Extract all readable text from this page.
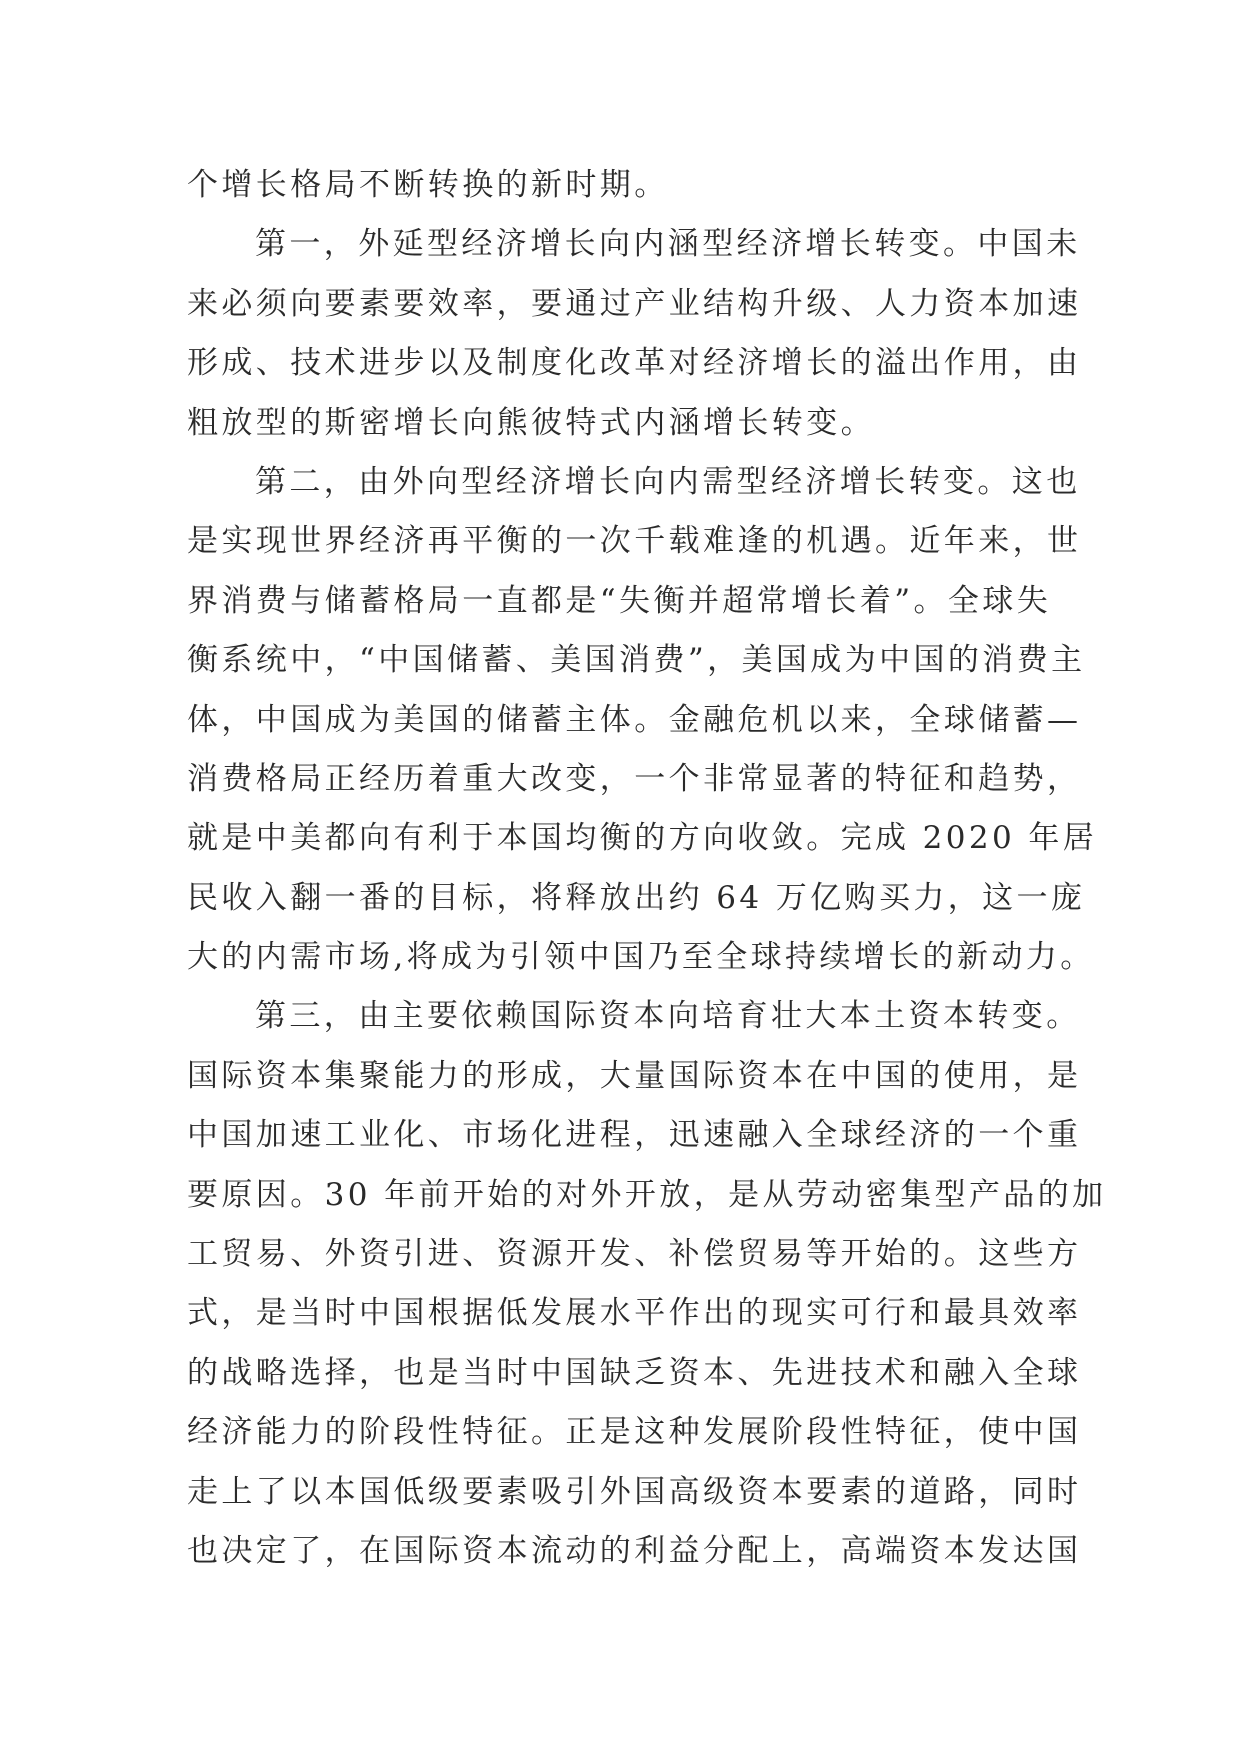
个增长格局不断转换的新时期。
第一，外延型经济增长向内涵型经济增长转变。中国未
来必须向要素要效率，要通过产业结构升级、人力资本加速
形成、技术进步以及制度化改革对经济增长的溢出作用，由
粗放型的斯密增长向熊彼特式内涵增长转变。
第二，由外向型经济增长向内需型经济增长转变。这也
是实现世界经济再平衡的一次千载难逢的机遇。近年来，世
界消费与储蓄格局一直都是“失衡并超常增长着”。全球失
衡系统中，“中国储蓄、美国消费”，美国成为中国的消费主
体，中国成为美国的储蓄主体。金融危机以来，全球储蓄—
消费格局正经历着重大改变，一个非常显著的特征和趋势，
就是中美都向有利于本国均衡的方向收敛。完成 2020 年居
民收入翻一番的目标，将释放出约 64 万亿购买力，这一庞
大的内需市场,将成为引领中国乃至全球持续增长的新动力。
第三，由主要依赖国际资本向培育壮大本土资本转变。
国际资本集聚能力的形成，大量国际资本在中国的使用，是
中国加速工业化、市场化进程，迅速融入全球经济的一个重
要原因。30 年前开始的对外开放，是从劳动密集型产品的加
工贸易、外资引进、资源开发、补偿贸易等开始的。这些方
式，是当时中国根据低发展水平作出的现实可行和最具效率
的战略选择，也是当时中国缺乏资本、先进技术和融入全球
经济能力的阶段性特征。正是这种发展阶段性特征，使中国
走上了以本国低级要素吸引外国高级资本要素的道路，同时
也决定了，在国际资本流动的利益分配上，高端资本发达国
